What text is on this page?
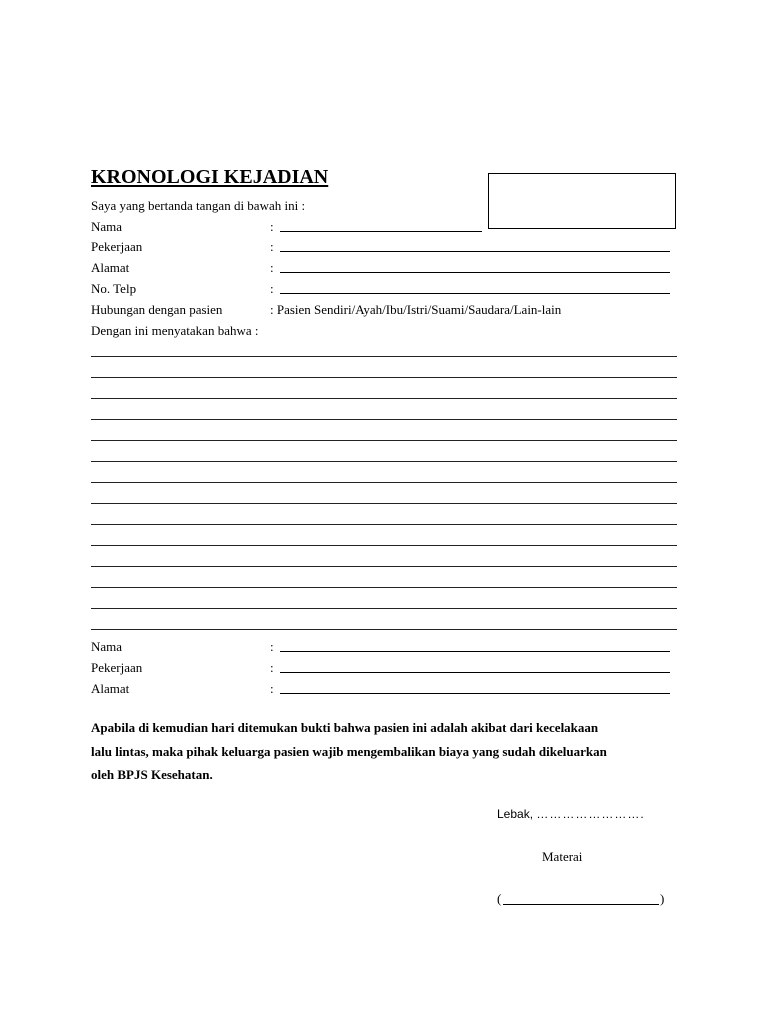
KRONOLOGI KEJADIAN
Saya yang bertanda tangan di bawah ini :
Nama	:
Pekerjaan	:
Alamat	:
No. Telp	:
Hubungan dengan pasien	: Pasien Sendiri/Ayah/Ibu/Istri/Suami/Saudara/Lain-lain
Dengan ini menyatakan bahwa :
Nama	:
Pekerjaan	:
Alamat	:
Apabila di kemudian hari ditemukan bukti bahwa pasien ini adalah akibat dari kecelakaan
lalu lintas, maka pihak keluarga pasien wajib mengembalikan biaya yang sudah dikeluarkan
oleh BPJS Kesehatan.
Lebak, …………………….
Materai
(	)
